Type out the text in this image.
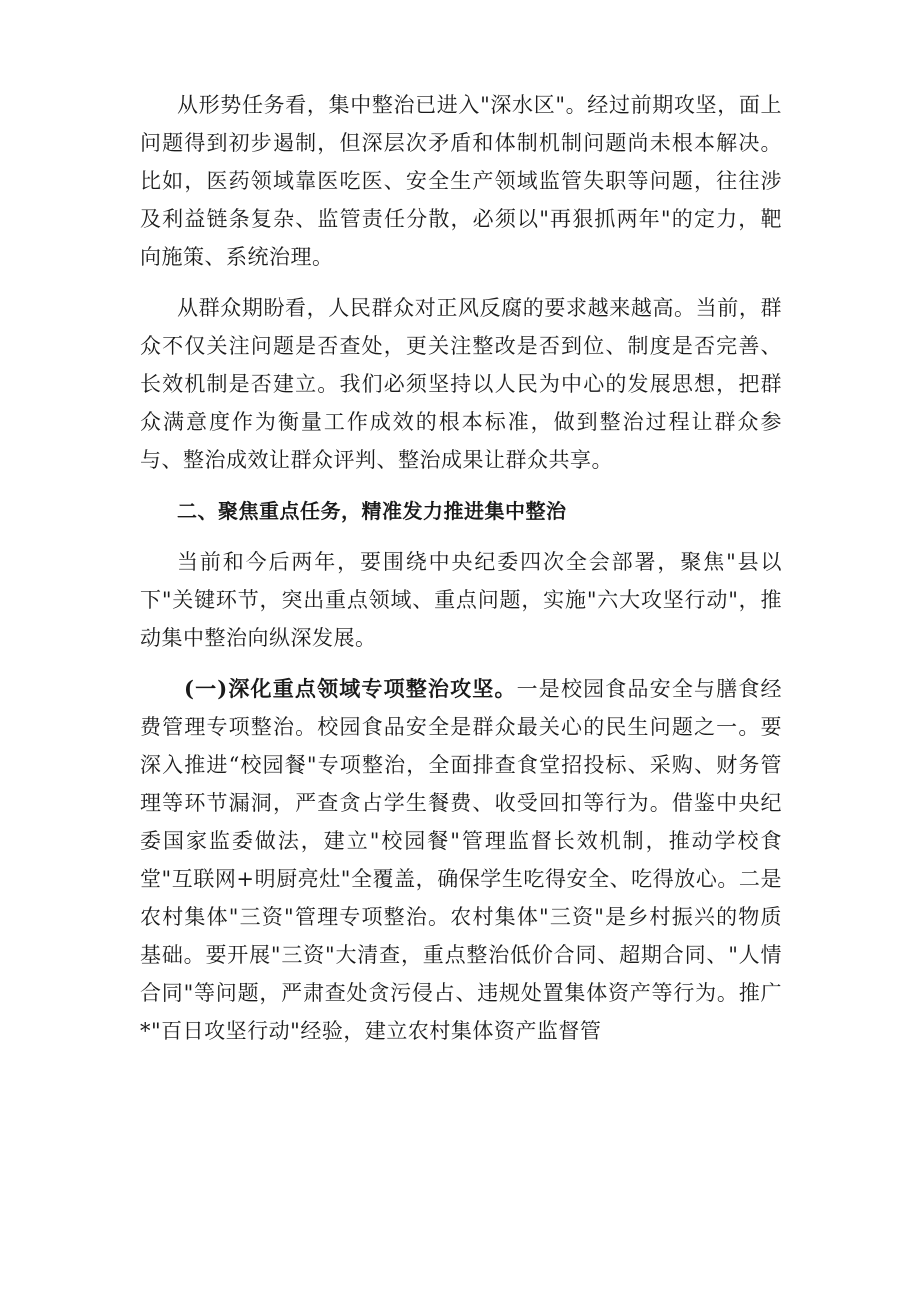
从形势任务看，集中整治已进入"深水区"。经过前期攻坚，面上问题得到初步遏制，但深层次矛盾和体制机制问题尚未根本解决。比如，医药领域靠医吃医、安全生产领域监管失职等问题，往往涉及利益链条复杂、监管责任分散，必须以"再狠抓两年"的定力，靶向施策、系统治理。

从群众期盼看，人民群众对正风反腐的要求越来越高。当前，群众不仅关注问题是否查处，更关注整改是否到位、制度是否完善、长效机制是否建立。我们必须坚持以人民为中心的发展思想，把群众满意度作为衡量工作成效的根本标准，做到整治过程让群众参与、整治成效让群众评判、整治成果让群众共享。

二、聚焦重点任务，精准发力推进集中整治

当前和今后两年，要围绕中央纪委四次全会部署，聚焦"县以下"关键环节，突出重点领域、重点问题，实施"六大攻坚行动"，推动集中整治向纵深发展。

(一)深化重点领域专项整治攻坚。一是校园食品安全与膳食经费管理专项整治。校园食品安全是群众最关心的民生问题之一。要深入推进“校园餐"专项整治，全面排查食堂招投标、采购、财务管理等环节漏洞，严查贪占学生餐费、收受回扣等行为。借鉴中央纪委国家监委做法，建立"校园餐"管理监督长效机制，推动学校食堂"互联网+明厨亮灶"全覆盖，确保学生吃得安全、吃得放心。二是农村集体"三资"管理专项整治。农村集体"三资"是乡村振兴的物质基础。要开展"三资"大清查，重点整治低价合同、超期合同、"人情合同"等问题，严肃查处贪污侵占、违规处置集体资产等行为。推广*"百日攻坚行动"经验，建立农村集体资产监督管
